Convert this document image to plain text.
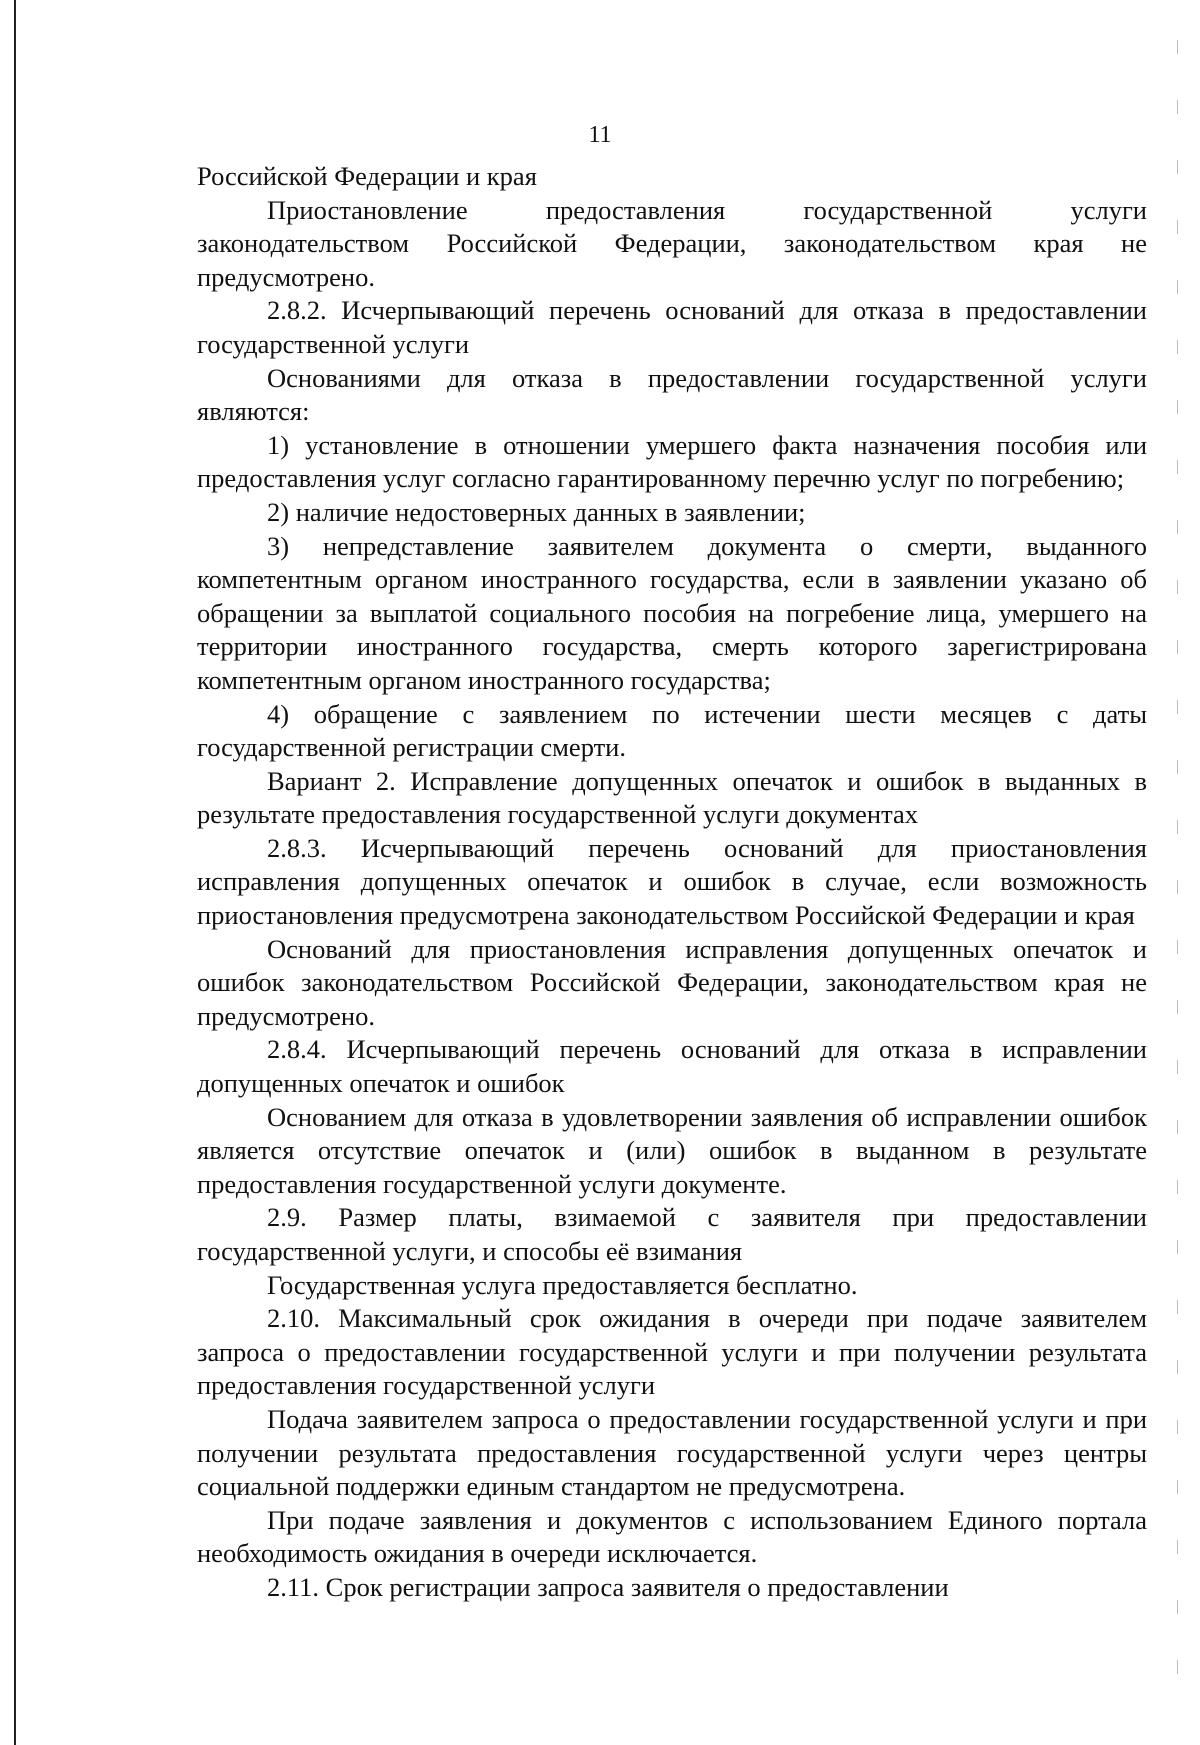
11

Российской Федерации и края

Приостановление предоставления государственной услуги законодательством Российской Федерации, законодательством края не предусмотрено.

2.8.2. Исчерпывающий перечень оснований для отказа в предоставлении государственной услуги

Основаниями для отказа в предоставлении государственной услуги являются:

1) установление в отношении умершего факта назначения пособия или предоставления услуг согласно гарантированному перечню услуг по погребению;

2) наличие недостоверных данных в заявлении;

3) непредставление заявителем документа о смерти, выданного компетентным органом иностранного государства, если в заявлении указано об обращении за выплатой социального пособия на погребение лица, умершего на территории иностранного государства, смерть которого зарегистрирована компетентным органом иностранного государства;

4) обращение с заявлением по истечении шести месяцев с даты государственной регистрации смерти.

Вариант 2. Исправление допущенных опечаток и ошибок в выданных в результате предоставления государственной услуги документах

2.8.3. Исчерпывающий перечень оснований для приостановления исправления допущенных опечаток и ошибок в случае, если возможность приостановления предусмотрена законодательством Российской Федерации и края

Оснований для приостановления исправления допущенных опечаток и ошибок законодательством Российской Федерации, законодательством края не предусмотрено.

2.8.4. Исчерпывающий перечень оснований для отказа в исправлении допущенных опечаток и ошибок

Основанием для отказа в удовлетворении заявления об исправлении ошибок является отсутствие опечаток и (или) ошибок в выданном в результате предоставления государственной услуги документе.

2.9. Размер платы, взимаемой с заявителя при предоставлении государственной услуги, и способы её взимания

Государственная услуга предоставляется бесплатно.

2.10. Максимальный срок ожидания в очереди при подаче заявителем запроса о предоставлении государственной услуги и при получении результата предоставления государственной услуги

Подача заявителем запроса о предоставлении государственной услуги и при получении результата предоставления государственной услуги через центры социальной поддержки единым стандартом не предусмотрена.

При подаче заявления и документов с использованием Единого портала необходимость ожидания в очереди исключается.

2.11. Срок регистрации запроса заявителя о предоставлении
